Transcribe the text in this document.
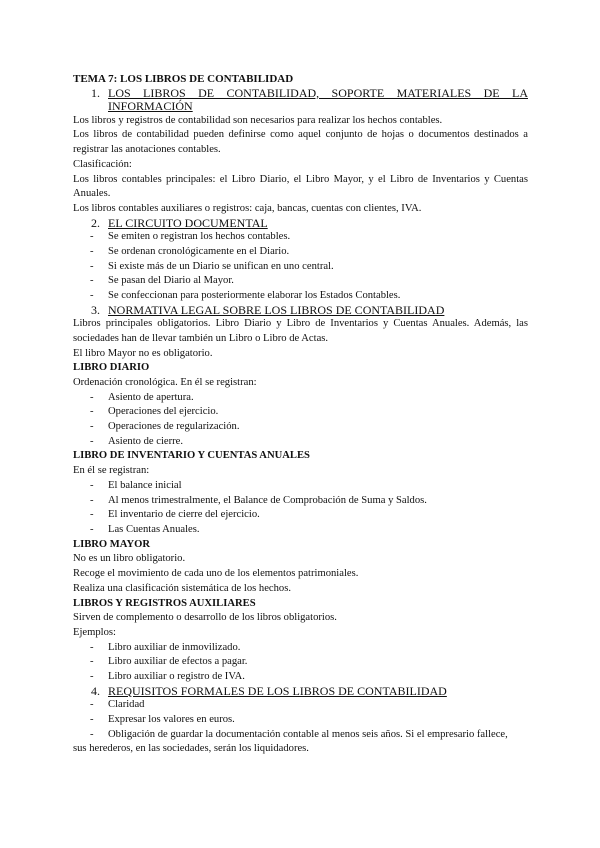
TEMA 7: LOS LIBROS DE CONTABILIDAD

1. LOS LIBROS DE CONTABILIDAD, SOPORTE MATERIALES DE LA INFORMACIÓN

Los libros y registros de contabilidad son necesarios para realizar los hechos contables.

Los libros de contabilidad pueden definirse como aquel conjunto de hojas o documentos destinados a registrar las anotaciones contables.

Clasificación:

Los libros contables principales: el Libro Diario, el Libro Mayor, y el Libro de Inventarios y Cuentas Anuales.

Los libros contables auxiliares o registros: caja, bancas, cuentas con clientes, IVA.

2. EL CIRCUITO DOCUMENTAL
- Se emiten o registran los hechos contables.
- Se ordenan cronológicamente en el Diario.
- Si existe más de un Diario se unifican en uno central.
- Se pasan del Diario al Mayor.
- Se confeccionan para posteriormente elaborar los Estados Contables.
3. NORMATIVA LEGAL SOBRE LOS LIBROS DE CONTABILIDAD

Libros principales obligatorios. Libro Diario y Libro de Inventarios y Cuentas Anuales. Además, las sociedades han de llevar también un Libro o Libro de Actas.

El libro Mayor no es obligatorio.

LIBRO DIARIO

Ordenación cronológica. En él se registran:

- Asiento de apertura.
- Operaciones del ejercicio.
- Operaciones de regularización.
- Asiento de cierre.

LIBRO DE INVENTARIO Y CUENTAS ANUALES

En él se registran:

- El balance inicial
- Al menos trimestralmente, el Balance de Comprobación de Suma y Saldos.
- El inventario de cierre del ejercicio.
- Las Cuentas Anuales.

LIBRO MAYOR

No es un libro obligatorio.

Recoge el movimiento de cada uno de los elementos patrimoniales.

Realiza una clasificación sistemática de los hechos.

LIBROS Y REGISTROS AUXILIARES

Sirven de complemento o desarrollo de los libros obligatorios.

Ejemplos:

- Libro auxiliar de inmovilizado.
- Libro auxiliar de efectos a pagar.
- Libro auxiliar o registro de IVA.
4. REQUISITOS FORMALES DE LOS LIBROS DE CONTABILIDAD
- Claridad
- Expresar los valores en euros.
- Obligación de guardar la documentación contable al menos seis años. Si el empresario fallece,
sus herederos, en las sociedades, serán los liquidadores.
